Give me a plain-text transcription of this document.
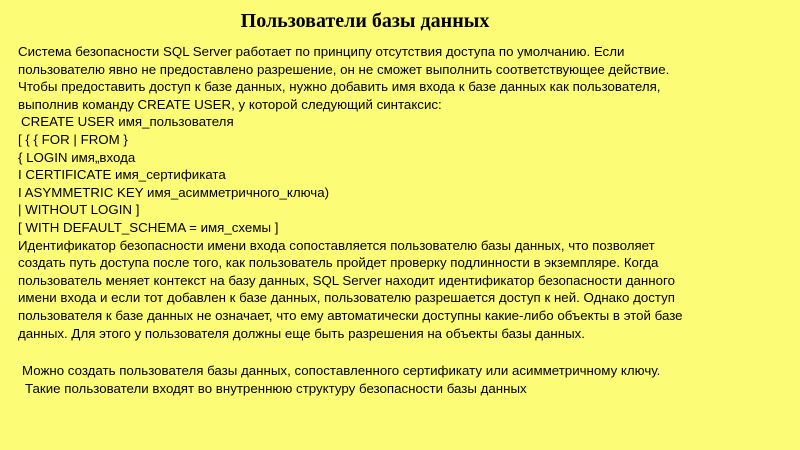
Пользователи базы данных

Система безопасности SQL Server работает по принципу отсутствия доступа по умолчанию. Если

пользователю явно не предоставлено разрешение, он не сможет выполнить соответствующее действие.

Чтобы предоставить доступ к базе данных, нужно добавить имя входа к базе данных как пользователя,

выполнив команду CREATE USER, у которой следующий синтаксис:

CREATE USER имя_пользователя

[ { { FOR | FROM }

{ LOGIN имя„входа

I CERTIFICATE имя_сертификата

I ASYMMETRIC KEY имя_асимметричного_ключа)

| WITHOUT LOGIN ]

[ WITH DEFAULT_SCHEMA = имя_схемы ]

Идентификатор безопасности имени входа сопоставляется пользователю базы данных, что позволяет

создать путь доступа после того, как пользователь пройдет проверку подлинности в экземпляре. Когда

пользователь меняет контекст на базу данных, SQL Server находит идентификатор безопасности данного

имени входа и если тот добавлен к базе данных, пользователю разрешается доступ к ней. Однако доступ

пользователя к базе данных не означает, что ему автоматически доступны какие-либо объекты в этой базе

данных. Для этого у пользователя должны еще быть разрешения на объекты базы данных.

Можно создать пользователя базы данных, сопоставленного сертификату или асимметричному ключу.

Такие пользователи входят во внутреннюю структуру безопасности базы данных
